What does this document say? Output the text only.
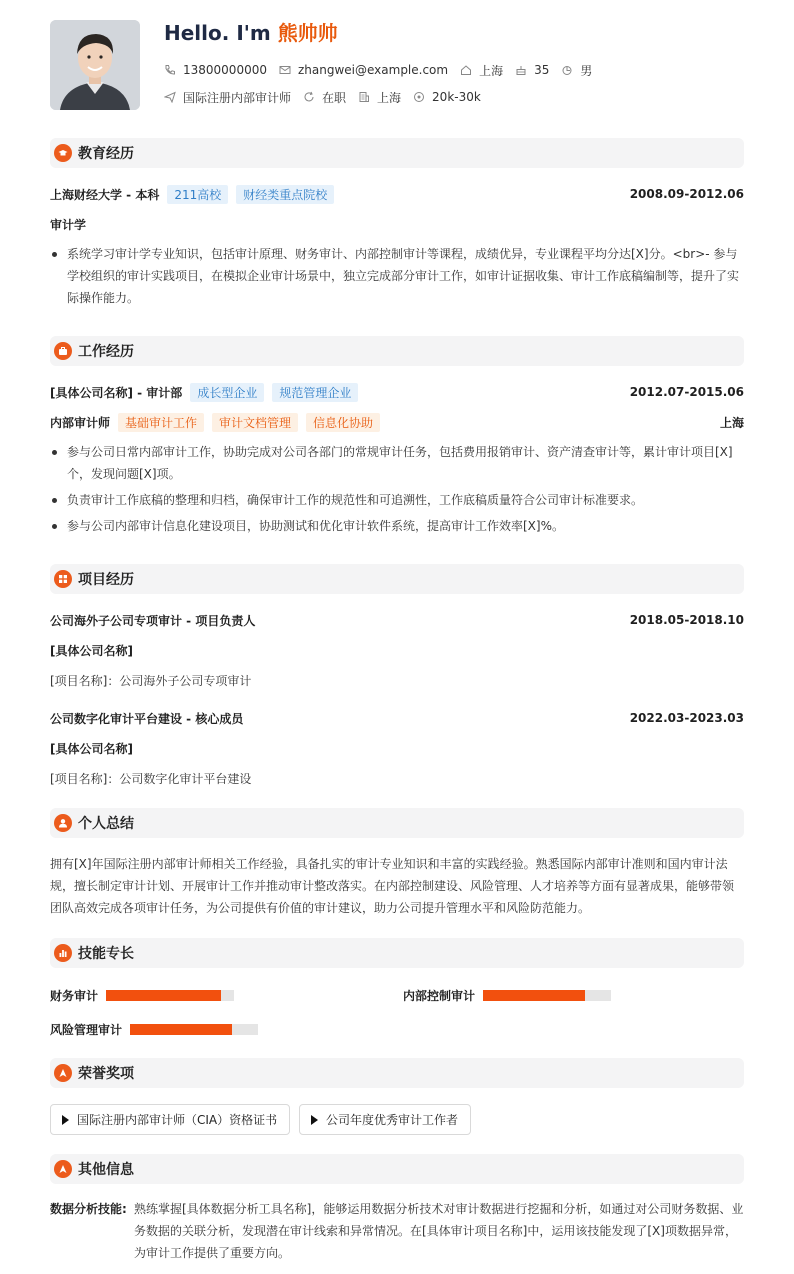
Hello. I'm 熊帅帅
13800000000	zhangwei@example.com	上海	35	男
国际注册内部审计师	在职	上海	20k-30k
教育经历
上海财经大学 - 本科	211高校	财经类重点院校	2008.09-2012.06
审计学
系统学习审计学专业知识，包括审计原理、财务审计、内部控制审计等课程，成绩优异，专业课程平均分达[X]分。<br>- 参与学校组织的审计实践项目，在模拟企业审计场景中，独立完成部分审计工作，如审计证据收集、审计工作底稿编制等，提升了实际操作能力。
工作经历
[具体公司名称] - 审计部	成长型企业	规范管理企业	2012.07-2015.06
内部审计师	基础审计工作	审计文档管理	信息化协助	上海
参与公司日常内部审计工作，协助完成对公司各部门的常规审计任务，包括费用报销审计、资产清查审计等，累计审计项目[X]个，发现问题[X]项。
负责审计工作底稿的整理和归档，确保审计工作的规范性和可追溯性，工作底稿质量符合公司审计标准要求。
参与公司内部审计信息化建设项目，协助测试和优化审计软件系统，提高审计工作效率[X]%。
项目经历
公司海外子公司专项审计 - 项目负责人	2018.05-2018.10
[具体公司名称]
[项目名称]：公司海外子公司专项审计
公司数字化审计平台建设 - 核心成员	2022.03-2023.03
[具体公司名称]
[项目名称]：公司数字化审计平台建设
个人总结
拥有[X]年国际注册内部审计师相关工作经验，具备扎实的审计专业知识和丰富的实践经验。熟悉国际内部审计准则和国内审计法规，擅长制定审计计划、开展审计工作并推动审计整改落实。在内部控制建设、风险管理、人才培养等方面有显著成果，能够带领团队高效完成各项审计任务，为公司提供有价值的审计建议，助力公司提升管理水平和风险防范能力。
技能专长
财务审计	内部控制审计
风险管理审计
荣誉奖项
国际注册内部审计师（CIA）资格证书	公司年度优秀审计工作者
其他信息
数据分析技能: 熟练掌握[具体数据分析工具名称]，能够运用数据分析技术对审计数据进行挖掘和分析，如通过对公司财务数据、业务数据的关联分析，发现潜在审计线索和异常情况。在[具体审计项目名称]中，运用该技能发现了[X]项数据异常，为审计工作提供了重要方向。
